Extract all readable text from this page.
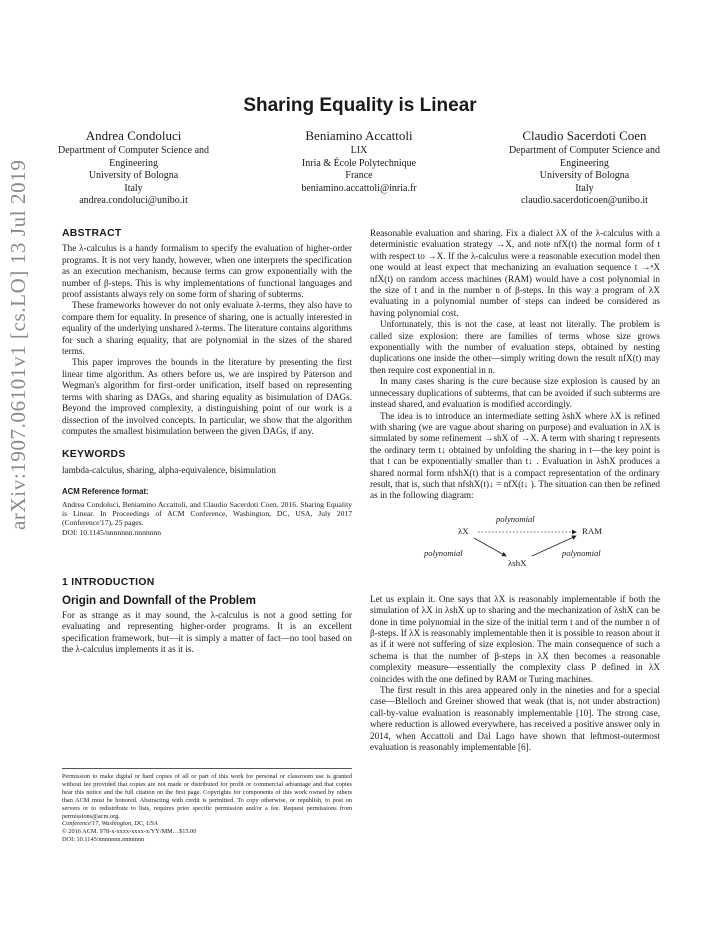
arXiv:1907.06101v1 [cs.LO] 13 Jul 2019
Sharing Equality is Linear
Andrea Condoluci
Department of Computer Science and
Engineering
University of Bologna
Italy
andrea.condoluci@unibo.it
Beniamino Accattoli
LIX
Inria & École Polytechnique
France
beniamino.accattoli@inria.fr
Claudio Sacerdoti Coen
Department of Computer Science and
Engineering
University of Bologna
Italy
claudio.sacerdoticoen@unibo.it
ABSTRACT

The λ-calculus is a handy formalism to specify the evaluation of higher-order programs. It is not very handy, however, when one interprets the specification as an execution mechanism, because terms can grow exponentially with the number of β-steps. This is why implementations of functional languages and proof assistants always rely on some form of sharing of subterms.

These frameworks however do not only evaluate λ-terms, they also have to compare them for equality. In presence of sharing, one is actually interested in equality of the underlying unshared λ-terms. The literature contains algorithms for such a sharing equality, that are polynomial in the sizes of the shared terms.

This paper improves the bounds in the literature by presenting the first linear time algorithm. As others before us, we are inspired by Paterson and Wegman's algorithm for first-order unification, itself based on representing terms with sharing as DAGs, and sharing equality as bisimulation of DAGs. Beyond the improved complexity, a distinguishing point of our work is a dissection of the involved concepts. In particular, we show that the algorithm computes the smallest bisimulation between the given DAGs, if any.

KEYWORDS

lambda-calculus, sharing, alpha-equivalence, bisimulation

ACM Reference format:

Andrea Condoluci, Beniamino Accattoli, and Claudio Sacerdoti Coen. 2016. Sharing Equality is Linear. In Proceedings of ACM Conference, Washington, DC, USA, July 2017 (Conference'17), 25 pages.

DOI: 10.1145/nnnnnnn.nnnnnnn

1 INTRODUCTION
Origin and Downfall of the Problem

For as strange as it may sound, the λ-calculus is not a good setting for evaluating and representing higher-order programs. It is an excellent specification framework, but—it is simply a matter of fact—no tool based on the λ-calculus implements it as it is.

Permission to make digital or hard copies of all or part of this work for personal or classroom use is granted without fee provided that copies are not made or distributed for profit or commercial advantage and that copies bear this notice and the full citation on the first page. Copyrights for components of this work owned by others than ACM must be honored. Abstracting with credit is permitted. To copy otherwise, or republish, to post on servers or to redistribute to lists, requires prior specific permission and/or a fee. Request permissions from permissions@acm.org.
Conference'17, Washington, DC, USA
© 2016 ACM. 978-x-xxxx-xxxx-x/YY/MM…$15.00
DOI: 10.1145/nnnnnnn.nnnnnnn

Reasonable evaluation and sharing. Fix a dialect λX of the λ-calculus with a deterministic evaluation strategy →X, and note nfX(t) the normal form of t with respect to →X. If the λ-calculus were a reasonable execution model then one would at least expect that mechanizing an evaluation sequence t →ⁿX nfX(t) on random access machines (RAM) would have a cost polynomial in the size of t and in the number n of β-steps. In this way a program of λX evaluating in a polynomial number of steps can indeed be considered as having polynomial cost.

Unfortunately, this is not the case, at least not literally. The problem is called size explosion: there are families of terms whose size grows exponentially with the number of evaluation steps, obtained by nesting duplications one inside the other—simply writing down the result nfX(t) may then require cost exponential in n.

In many cases sharing is the cure because size explosion is caused by an unnecessary duplications of subterms, that can be avoided if such subterms are instead shared, and evaluation is modified accordingly.

The idea is to introduce an intermediate setting λshX where λX is refined with sharing (we are vague about sharing on purpose) and evaluation in λX is simulated by some refinement →shX of →X. A term with sharing t represents the ordinary term t↓ obtained by unfolding the sharing in t—the key point is that t can be exponentially smaller than t↓ . Evaluation in λshX produces a shared normal form nfshX(t) that is a compact representation of the ordinary result, that is, such that nfshX(t)↓ = nfX(t↓ ). The situation can then be refined as in the following diagram:

polynomial
λX	RAM
polynomial	polynomial
λshX

Let us explain it. One says that λX is reasonably implementable if both the simulation of λX in λshX up to sharing and the mechanization of λshX can be done in time polynomial in the size of the initial term t and of the number n of β-steps. If λX is reasonably implementable then it is possible to reason about it as if it were not suffering of size explosion. The main consequence of such a schema is that the number of β-steps in λX then becomes a reasonable complexity measure—essentially the complexity class P defined in λX coincides with the one defined by RAM or Turing machines.

The first result in this area appeared only in the nineties and for a special case—Blelloch and Greiner showed that weak (that is, not under abstraction) call-by-value evaluation is reasonably implementable [10]. The strong case, where reduction is allowed everywhere, has received a positive answer only in 2014, when Accattoli and Dal Lago have shown that leftmost-outermost evaluation is reasonably implementable [6].
